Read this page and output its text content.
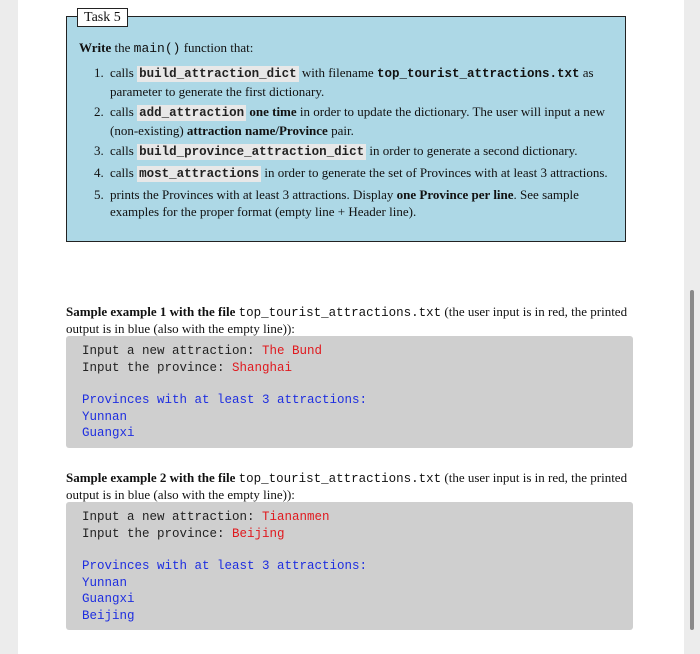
Task 5
Write the main() function that:
1. calls build_attraction_dict with filename top_tourist_attractions.txt as parameter to generate the first dictionary.
2. calls add_attraction one time in order to update the dictionary. The user will input a new (non-existing) attraction name/Province pair.
3. calls build_province_attraction_dict in order to generate a second dictionary.
4. calls most_attractions in order to generate the set of Provinces with at least 3 attractions.
5. prints the Provinces with at least 3 attractions. Display one Province per line. See sample examples for the proper format (empty line + Header line).
Sample example 1 with the file top_tourist_attractions.txt (the user input is in red, the printed output is in blue (also with the empty line)):
Input a new attraction: The Bund
Input the province: Shanghai
Provinces with at least 3 attractions:
Yunnan
Guangxi
Sample example 2 with the file top_tourist_attractions.txt (the user input is in red, the printed output is in blue (also with the empty line)):
Input a new attraction: Tiananmen
Input the province: Beijing
Provinces with at least 3 attractions:
Yunnan
Guangxi
Beijing
